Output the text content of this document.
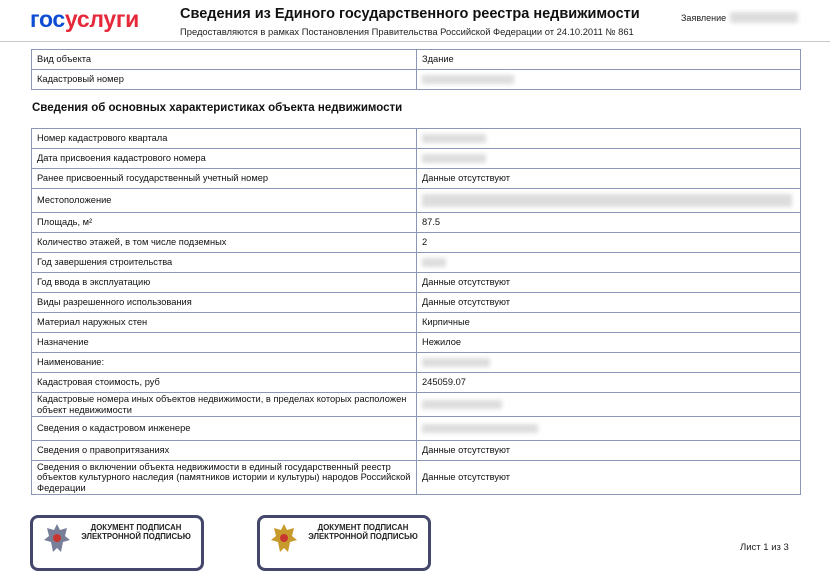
госуслуги	Сведения из Единого государственного реестра недвижимости
Предоставляются в рамках Постановления Правительства Российской Федерации от 24.10.2011 № 861
Заявление
Вид объекта	Здание
Кадастровый номер	
Сведения об основных характеристиках объекта недвижимости
Номер кадастрового квартала	
Дата присвоения кадастрового номера	
Ранее присвоенный государственный учетный номер	Данные отсутствуют
Местоположение	
Площадь, м²	87.5
Количество этажей, в том числе подземных	2
Год завершения строительства	
Год ввода в эксплуатацию	Данные отсутствуют
Виды разрешенного использования	Данные отсутствуют
Материал наружных стен	Кирпичные
Назначение	Нежилое
Наименование:	
Кадастровая стоимость, руб	245059.07
Кадастровые номера иных объектов недвижимости, в пределах которых расположен объект недвижимости	
Сведения о кадастровом инженере	
Сведения о правопритязаниях	Данные отсутствуют
Сведения о включении объекта недвижимости в единый государственный реестр объектов культурного наследия (памятников истории и культуры) народов Российской Федерации	Данные отсутствуют
ДОКУМЕНТ ПОДПИСАН ЭЛЕКТРОННОЙ ПОДПИСЬЮ
ДОКУМЕНТ ПОДПИСАН ЭЛЕКТРОННОЙ ПОДПИСЬЮ
Лист 1 из 3
